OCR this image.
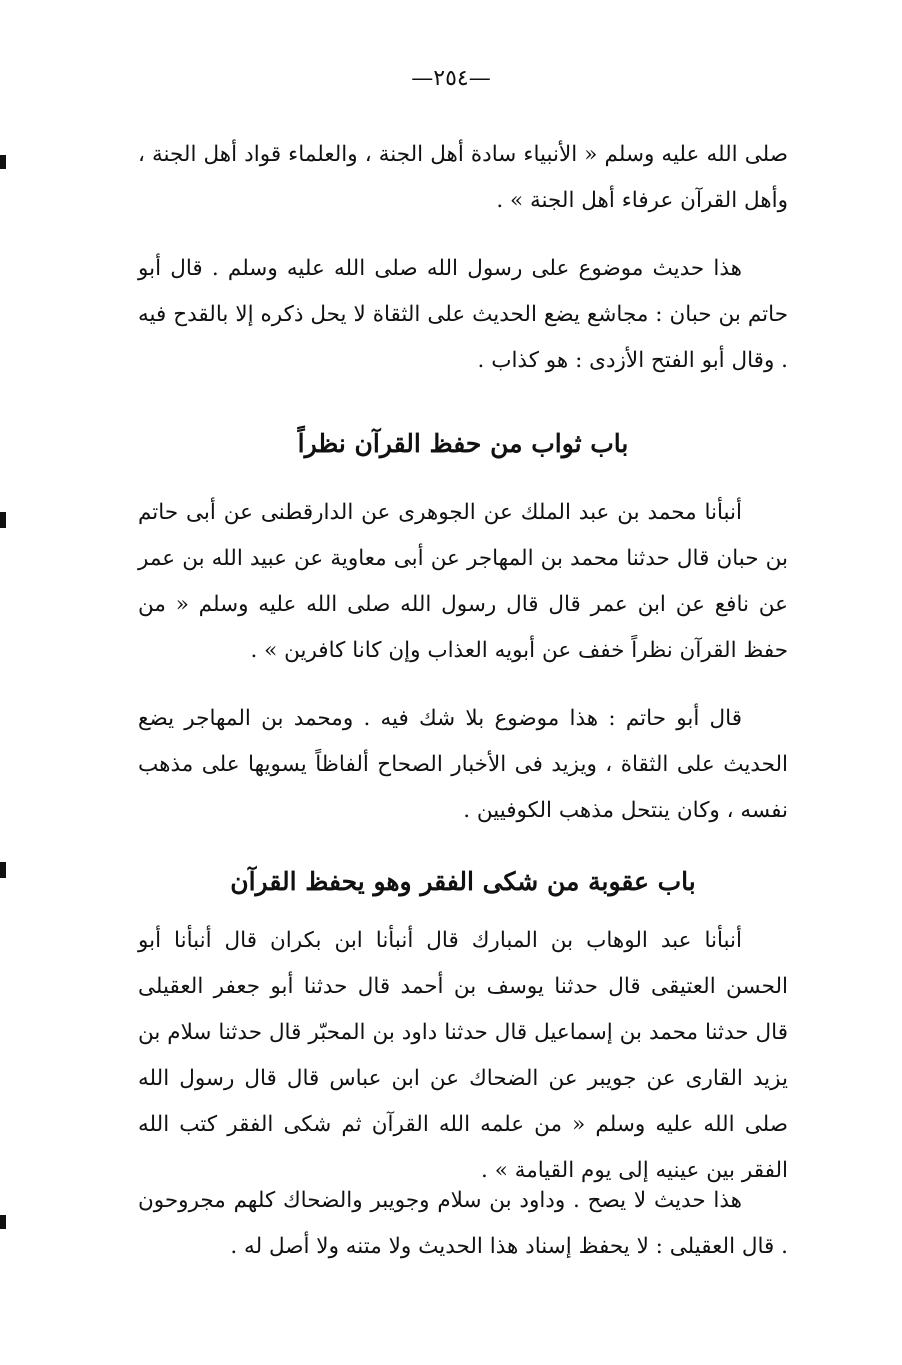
—٢٥٤—

صلى الله عليه وسلم « الأنبياء سادة أهل الجنة ، والعلماء قواد أهل الجنة ، وأهل القرآن عرفاء أهل الجنة » .

هذا حديث موضوع على رسول الله صلى الله عليه وسلم . قال أبو حاتم بن حبان : مجاشع يضع الحديث على الثقاة لا يحل ذكره إلا بالقدح فيه . وقال أبو الفتح الأزدى : هو كذاب .

باب ثواب من حفظ القرآن نظراً

أنبأنا محمد بن عبد الملك عن الجوهرى عن الدارقطنى عن أبى حاتم بن حبان قال حدثنا محمد بن المهاجر عن أبى معاوية عن عبيد الله بن عمر عن نافع عن ابن عمر قال قال رسول الله صلى الله عليه وسلم « من حفظ القرآن نظراً خفف عن أبويه العذاب وإن كانا كافرين » .

قال أبو حاتم : هذا موضوع بلا شك فيه . ومحمد بن المهاجر يضع الحديث على الثقاة ، ويزيد فى الأخبار الصحاح ألفاظاً يسويها على مذهب نفسه ، وكان ينتحل مذهب الكوفيين .

باب عقوبة من شكى الفقر وهو يحفظ القرآن

أنبأنا عبد الوهاب بن المبارك قال أنبأنا ابن بكران قال أنبأنا أبو الحسن العتيقى قال حدثنا يوسف بن أحمد قال حدثنا أبو جعفر العقيلى قال حدثنا محمد بن إسماعيل قال حدثنا داود بن المحبّر قال حدثنا سلام بن يزيد القارى عن جويبر عن الضحاك عن ابن عباس قال قال رسول الله صلى الله عليه وسلم « من علمه الله القرآن ثم شكى الفقر كتب الله الفقر بين عينيه إلى يوم القيامة » .

هذا حديث لا يصح . وداود بن سلام وجويبر والضحاك كلهم مجروحون . قال العقيلى : لا يحفظ إسناد هذا الحديث ولا متنه ولا أصل له .
